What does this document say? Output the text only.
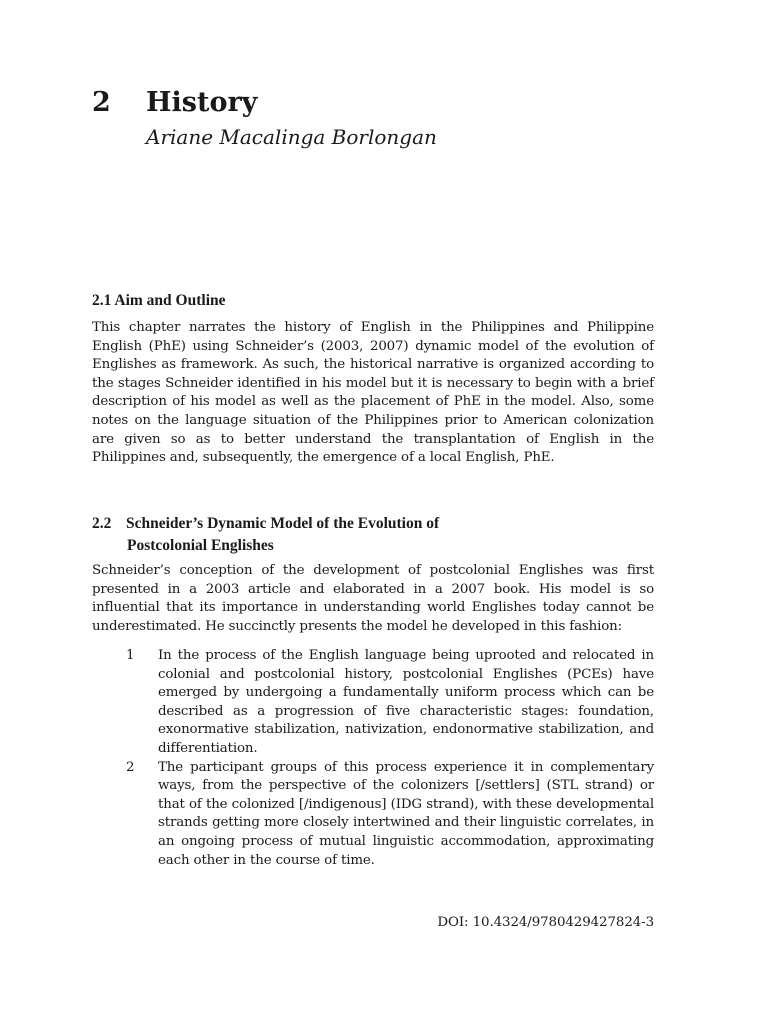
2 History
Ariane Macalinga Borlongan
2.1 Aim and Outline
This chapter narrates the history of English in the Philippines and Philippine English (PhE) using Schneider’s (2003, 2007) dynamic model of the evolution of Englishes as framework. As such, the historical narrative is organized according to the stages Schneider identified in his model but it is necessary to begin with a brief description of his model as well as the placement of PhE in the model. Also, some notes on the language situation of the Philippines prior to American colonization are given so as to better understand the transplantation of English in the Philippines and, subsequently, the emergence of a local English, PhE.
2.2 Schneider’s Dynamic Model of the Evolution of
Postcolonial Englishes
Schneider’s conception of the development of postcolonial Englishes was first presented in a 2003 article and elaborated in a 2007 book. His model is so influential that its importance in understanding world Englishes today cannot be underestimated. He succinctly presents the model he developed in this fashion:
1	In the process of the English language being uprooted and relocated in colonial and postcolonial history, postcolonial Englishes (PCEs) have emerged by undergoing a fundamentally uniform process which can be described as a progression of five characteristic stages: foundation, exonormative stabilization, nativization, endonormative stabilization, and differentiation.
2	The participant groups of this process experience it in complementary ways, from the perspective of the colonizers [/settlers] (STL strand) or that of the colonized [/indigenous] (IDG strand), with these developmental strands getting more closely intertwined and their linguistic correlates, in an ongoing process of mutual linguistic accommodation, approximating each other in the course of time.
DOI: 10.4324/9780429427824-3
